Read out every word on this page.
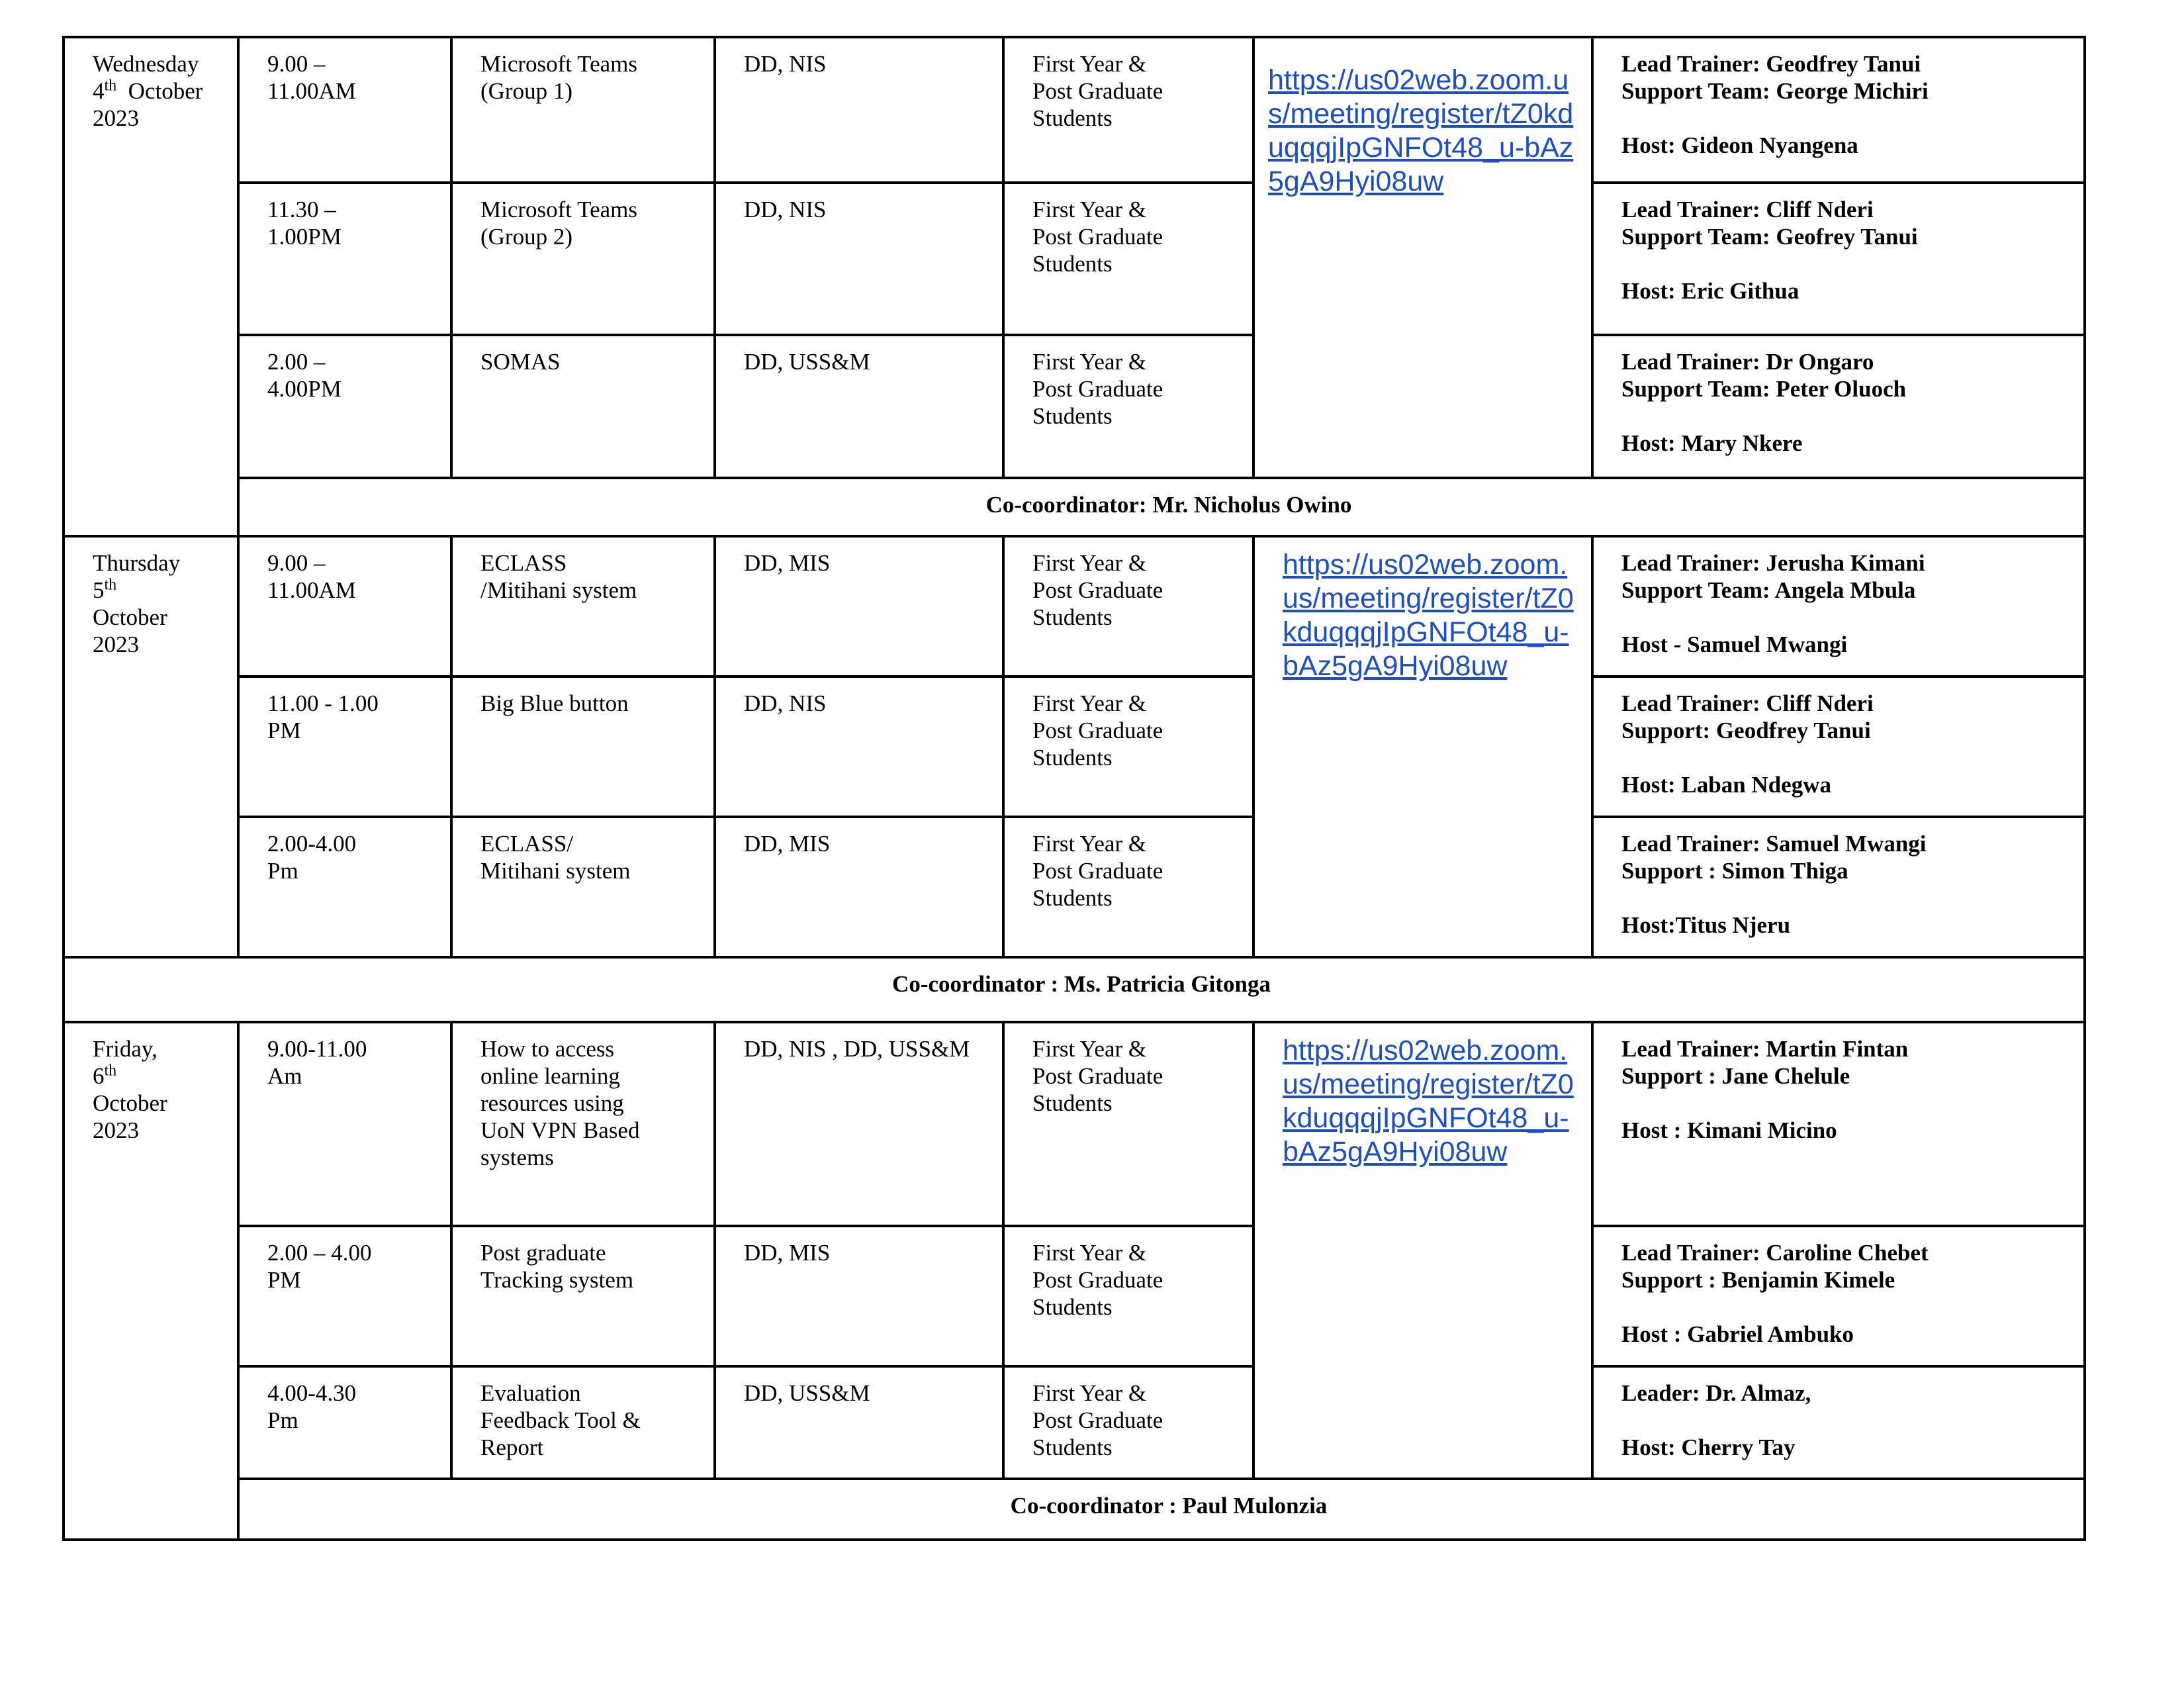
Wednesday
4th October
2023	9.00 –
11.00AM	Microsoft Teams
(Group 1)	DD, NIS	First Year &
Post Graduate
Students	https://us02web.zoom.us/meeting/register/tZ0kduqqqjIpGNFOt48_u-bAz5gA9Hyi08uw	Lead Trainer: Geodfrey Tanui
Support Team: George Michiri
Host: Gideon Nyangena

	11.30 –
1.00PM	Microsoft Teams
(Group 2)	DD, NIS	First Year &
Post Graduate
Students		Lead Trainer: Cliff Nderi
Support Team: Geofrey Tanui
Host: Eric Githua

	2.00 –
4.00PM	SOMAS	DD, USS&M	First Year &
Post Graduate
Students		Lead Trainer: Dr Ongaro
Support Team: Peter Oluoch
Host: Mary Nkere

	Co-coordinator: Mr. Nicholus Owino					

Thursday
5th
October
2023	9.00 –
11.00AM	ECLASS
/Mitihani system	DD, MIS	First Year &
Post Graduate
Students	https://us02web.zoom.us/meeting/register/tZ0kduqqqjIpGNFOt48_u-bAz5gA9Hyi08uw	Lead Trainer: Jerusha Kimani
Support Team: Angela Mbula
Host - Samuel Mwangi

	11.00 - 1.00
PM	Big Blue button	DD, NIS	First Year &
Post Graduate
Students		Lead Trainer: Cliff Nderi
Support: Geodfrey Tanui
Host: Laban Ndegwa

	2.00-4.00
Pm	ECLASS/
Mitihani system	DD, MIS	First Year &
Post Graduate
Students		Lead Trainer: Samuel Mwangi
Support : Simon Thiga
Host:Titus Njeru

Co-coordinator : Ms. Patricia Gitonga						

Friday,
6th
October
2023	9.00-11.00
Am	How to access
online learning
resources using
UoN VPN Based
systems	DD, NIS , DD, USS&M	First Year &
Post Graduate
Students	https://us02web.zoom.us/meeting/register/tZ0kduqqqjIpGNFOt48_u-bAz5gA9Hyi08uw	Lead Trainer: Martin Fintan
Support : Jane Chelule
Host : Kimani Micino

	2.00 – 4.00
PM	Post graduate
Tracking system	DD, MIS	First Year &
Post Graduate
Students		Lead Trainer: Caroline Chebet
Support : Benjamin Kimele
Host : Gabriel Ambuko

	4.00-4.30
Pm	Evaluation
Feedback Tool &
Report	DD, USS&M	First Year &
Post Graduate
Students		Leader: Dr. Almaz,
Host: Cherry Tay

	Co-coordinator : Paul Mulonzia					
